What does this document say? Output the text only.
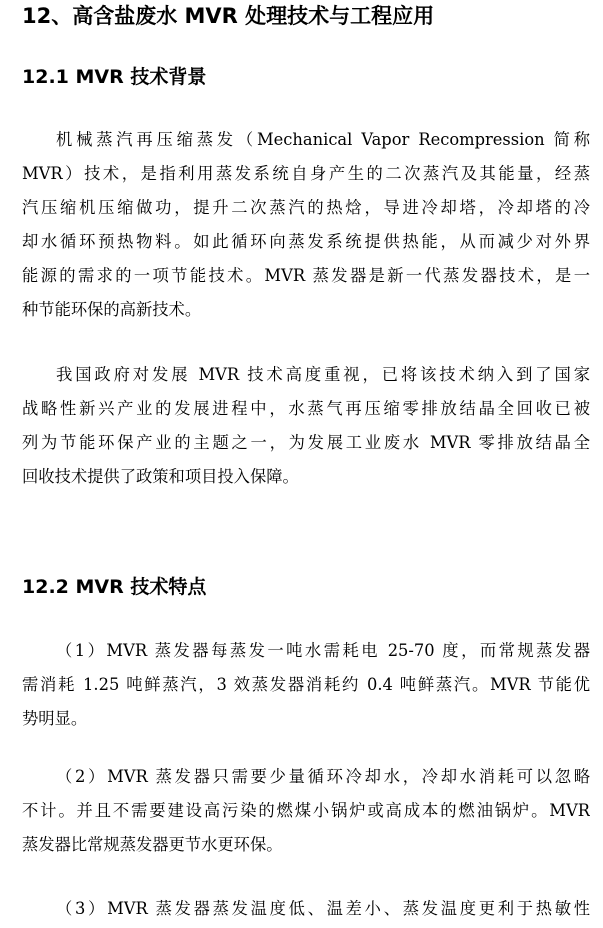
12、高含盐废水 MVR 处理技术与工程应用
12.1 MVR 技术背景
机械蒸汽再压缩蒸发（Mechanical Vapor Recompression 简称
MVR）技术，是指利用蒸发系统自身产生的二次蒸汽及其能量，经蒸
汽压缩机压缩做功，提升二次蒸汽的热焓，导进冷却塔，冷却塔的冷
却水循环预热物料。如此循环向蒸发系统提供热能，从而减少对外界
能源的需求的一项节能技术。MVR 蒸发器是新一代蒸发器技术，是一
种节能环保的高新技术。
我国政府对发展 MVR 技术高度重视，已将该技术纳入到了国家
战略性新兴产业的发展进程中，水蒸气再压缩零排放结晶全回收已被
列为节能环保产业的主题之一，为发展工业废水 MVR 零排放结晶全
回收技术提供了政策和项目投入保障。
12.2 MVR 技术特点
（1）MVR 蒸发器每蒸发一吨水需耗电 25-70 度，而常规蒸发器
需消耗 1.25 吨鲜蒸汽，3 效蒸发器消耗约 0.4 吨鲜蒸汽。MVR 节能优
势明显。
（2）MVR 蒸发器只需要少量循环冷却水，冷却水消耗可以忽略
不计。并且不需要建设高污染的燃煤小锅炉或高成本的燃油锅炉。MVR
蒸发器比常规蒸发器更节水更环保。
（3）MVR 蒸发器蒸发温度低、温差小、蒸发温度更利于热敏性
